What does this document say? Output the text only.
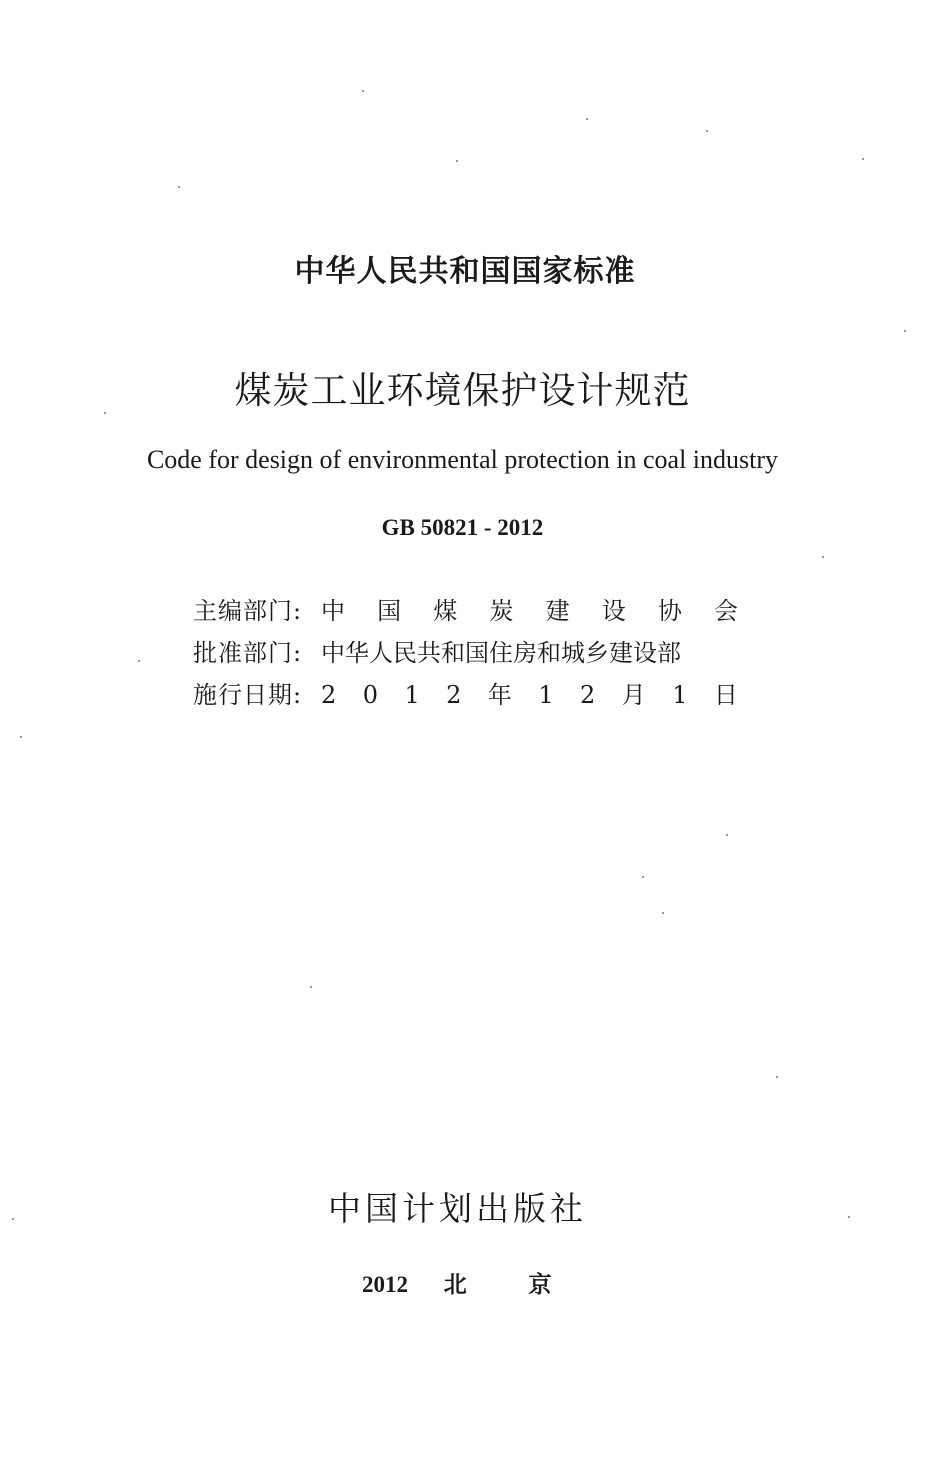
中华人民共和国国家标准
煤炭工业环境保护设计规范
Code for design of environmental protection in coal industry
GB 50821 - 2012
主编部门: 中 国 煤 炭 建 设 协 会
批准部门: 中华人民共和国住房和城乡建设部
施行日期: 2 0 1 2 年 1 2 月 1 日
中国计划出版社
2012 北	京
